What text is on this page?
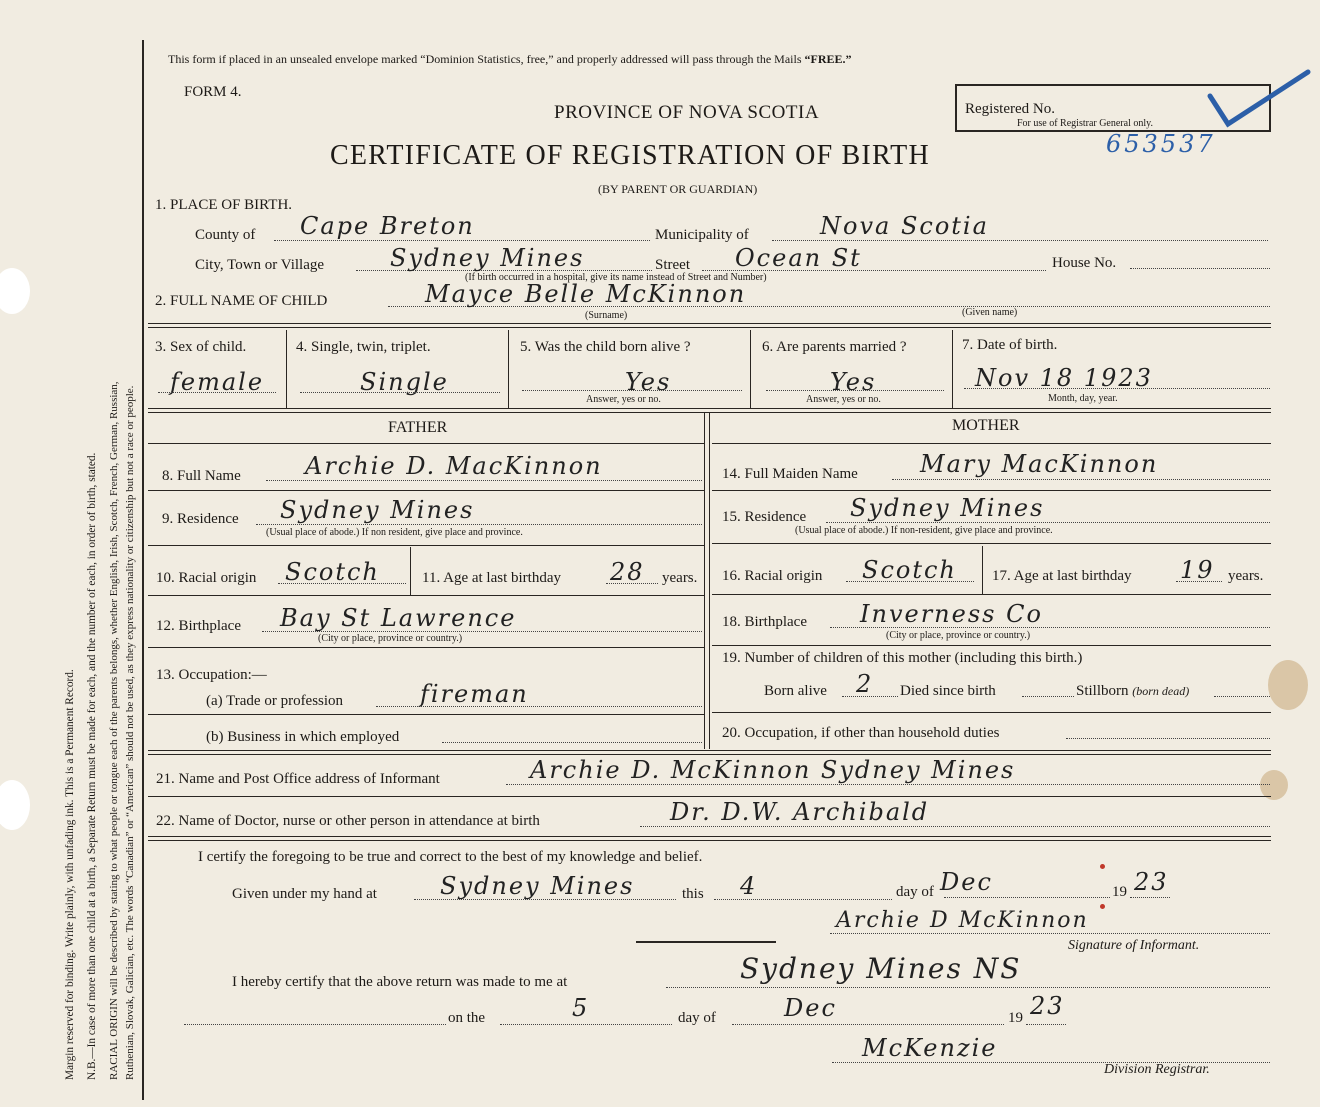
Margin reserved for binding. Write plainly, with unfading ink. This is a Permanent Record. N.B.—In case of more than one child at a birth, a Separate Return must be made for each, and the number of each, in order of birth, stated. RACIAL ORIGIN will be described by stating to what people or tongue each of the parents belongs, whether English, Irish, Scotch, French, German, Russian, Ruthenian, Slovak, Galician, etc. The words “Canadian” or “American” should not be used, as they express nationality or citizenship but not a race or people.
This form if placed in an unsealed envelope marked “Dominion Statistics, free,” and properly addressed will pass through the Mails “FREE.”
FORM 4.
PROVINCE OF NOVA SCOTIA
CERTIFICATE OF REGISTRATION OF BIRTH
(BY PARENT OR GUARDIAN)
Registered No.
For use of Registrar General only.
653537
1. PLACE OF BIRTH.
County of Cape Breton	Municipality of	Nova Scotia
City, Town or Village	Sydney Mines	Street Ocean St	House No.
(If birth occurred in a hospital, give its name instead of Street and Number)
2. FULL NAME OF CHILD	Mayce Belle McKinnon
(Surname)	(Given name)
3. Sex of child.
female
4. Single, twin, triplet.
Single
5. Was the child born alive ?
Yes
Answer, yes or no.
6. Are parents married ?
Yes
Answer, yes or no.
7. Date of birth.
Nov 18 1923
Month, day, year.
FATHER	MOTHER
8. Full Name	Archie D. MacKinnon
9. Residence Sydney Mines
(Usual place of abode.) If non resident, give place and province.
10. Racial origin Scotch	11. Age at last birthday 28 years.
12. Birthplace Bay St Lawrence
(City or place, province or country.)
13. Occupation:—
(a) Trade or profession	fireman
(b) Business in which employed
14. Full Maiden Name	Mary MacKinnon
15. Residence Sydney Mines
(Usual place of abode.) If non-resident, give place and province.
16. Racial origin Scotch 17. Age at last birthday 19 years.
18. Birthplace Inverness Co
(City or place, province or country.)
19. Number of children of this mother (including this birth.)
Born alive 2 Died since birth	Stillborn (born dead)
20. Occupation, if other than household duties
21. Name and Post Office address of Informant	Archie D. McKinnon Sydney Mines
22. Name of Doctor, nurse or other person in attendance at birth	Dr. D.W. Archibald
I certify the foregoing to be true and correct to the best of my knowledge and belief.
Given under my hand at	Sydney Mines	this 4	day of Dec	19 23
Archie D McKinnon
Signature of Informant.
I hereby certify that the above return was made to me at	Sydney Mines NS
on the	5	day of	Dec	19 23
McKenzie
Division Registrar.
